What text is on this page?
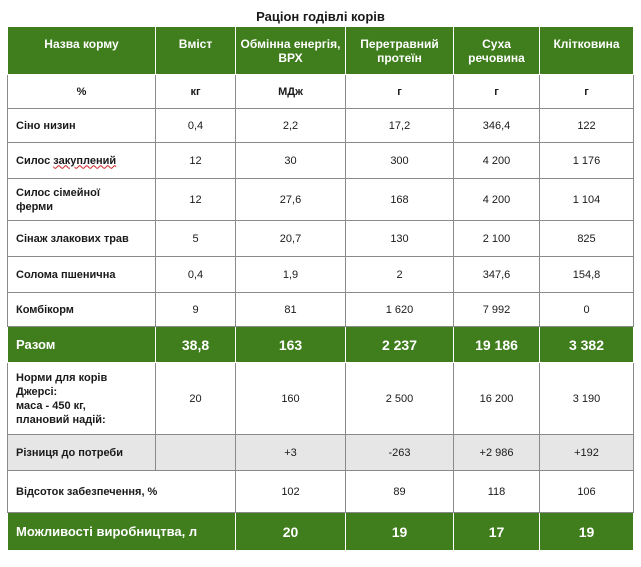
Раціон годівлі корів
Назва корму	Вміст	Обмінна енергія, ВРХ	Перетравний протеїн	Суха речовина	Клітковина
%	кг	МДж	г	г	г
Сіно низин	0,4	2,2	17,2	346,4	122
Силос закуплений	12	30	300	4 200	1 176
Силос сімейної ферми	12	27,6	168	4 200	1 104
Сінаж злакових трав	5	20,7	130	2 100	825
Солома пшенична	0,4	1,9	2	347,6	154,8
Комбікорм	9	81	1 620	7 992	0
Разом	38,8	163	2 237	19 186	3 382

Норми для корів
Джерсі:
маса - 450 кг,
плановий надій:	20	160	2 500	16 200	3 190
Різниця до потреби		+3	-263	+2 986	+192
Відсоток забезпечення, %		102	89	118	106
Можливості виробництва, л		20	19	17	19
